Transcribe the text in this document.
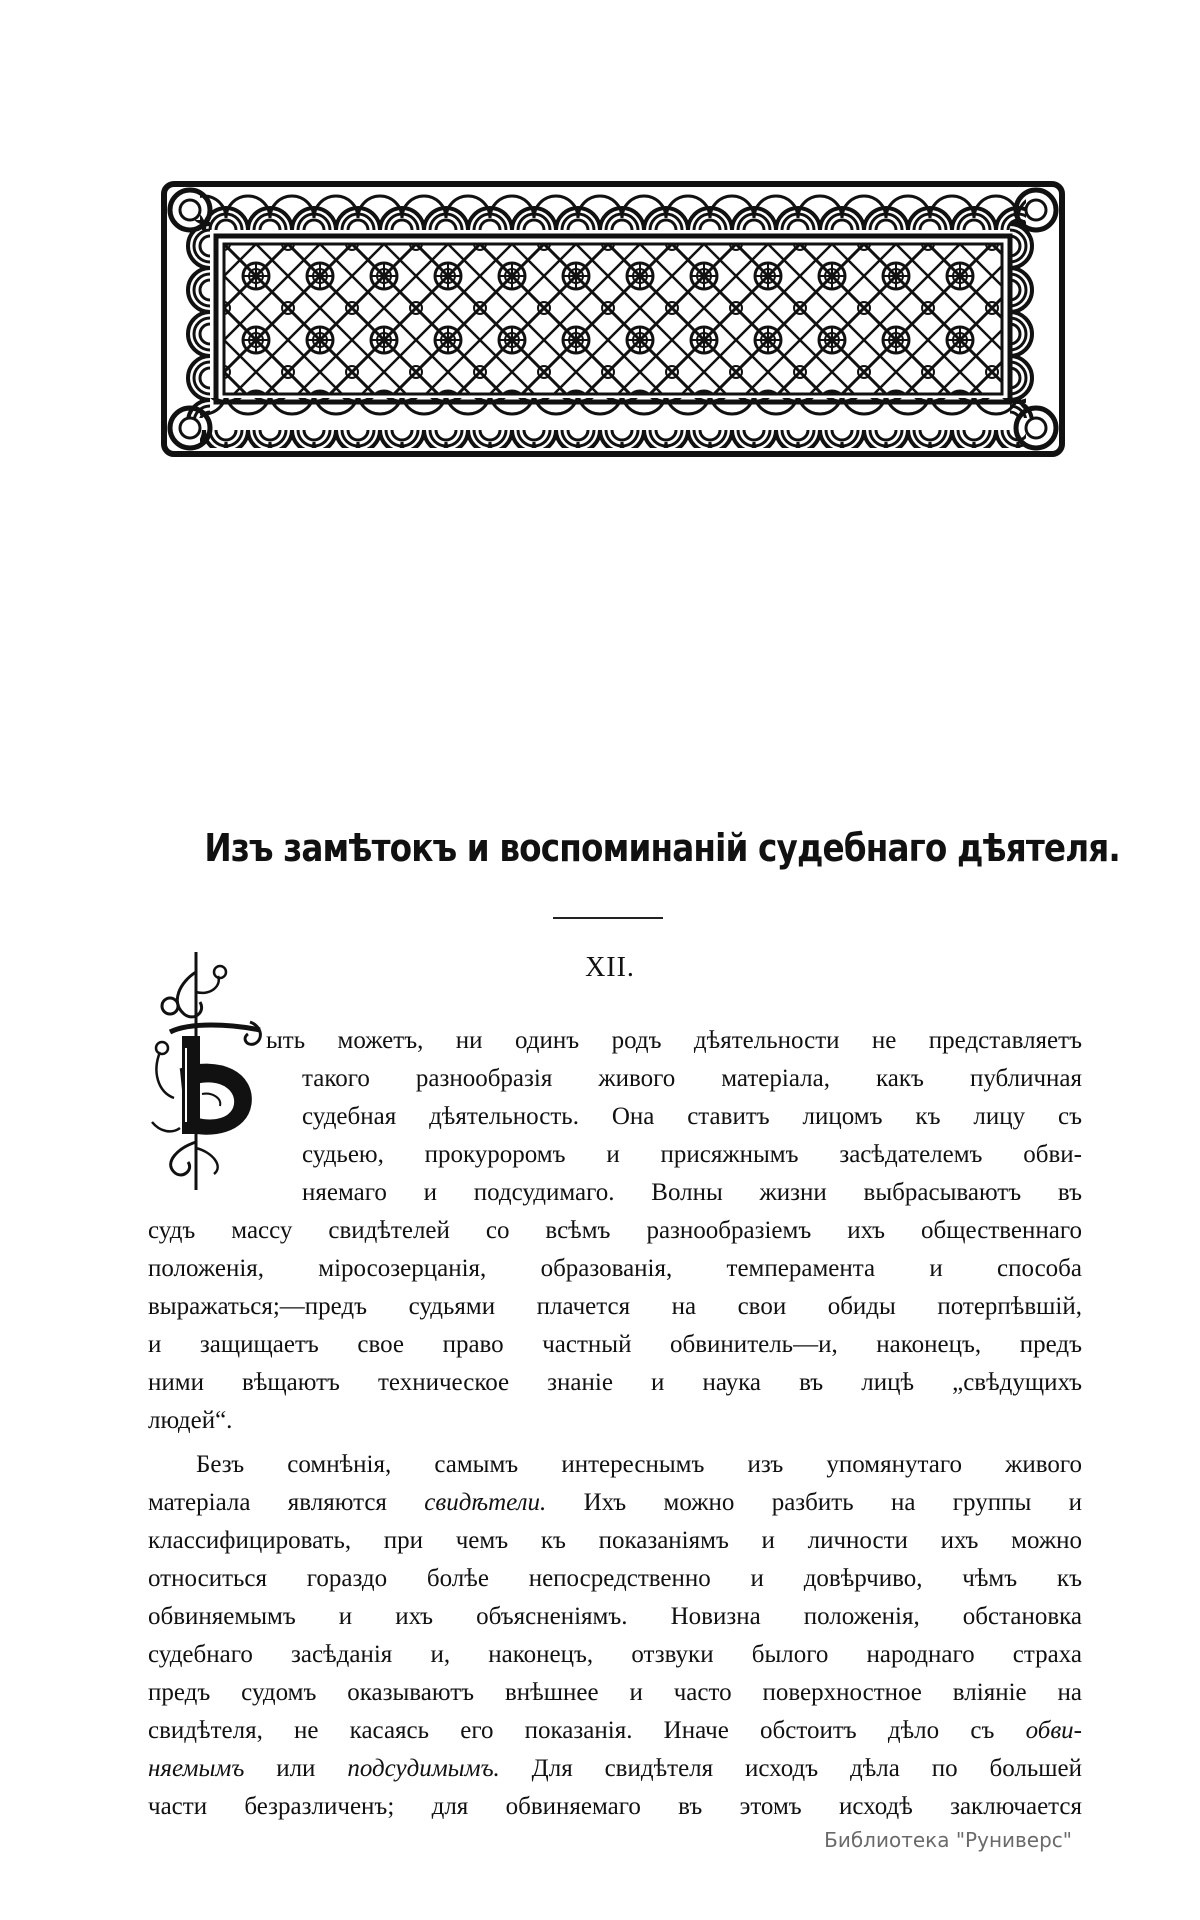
Изъ замѣтокъ и воспоминаній судебнаго дѣятеля.
XII.
ыть можетъ, ни одинъ родъ дѣятельности не представляетъ
такого разнообразія живого матеріала, какъ публичная
судебная дѣятельность. Она ставитъ лицомъ къ лицу съ
судьею, прокуроромъ и присяжнымъ засѣдателемъ обви-
няемаго и подсудимаго. Волны жизни выбрасываютъ въ
судъ массу свидѣтелей со всѣмъ разнообразіемъ ихъ общественнаго
положенія, міросозерцанія, образованія, темперамента и способа
выражаться;—предъ судьями плачется на свои обиды потерпѣвшій,
и защищаетъ свое право частный обвинитель—и, наконецъ, предъ
ними вѣщаютъ техническое знаніе и наука въ лицѣ „свѣдущихъ
людей“.
Безъ сомнѣнія, самымъ интереснымъ изъ упомянутаго живого
матеріала являются свидѣтели. Ихъ можно разбить на группы и
классифицировать, при чемъ къ показаніямъ и личности ихъ можно
относиться гораздо болѣе непосредственно и довѣрчиво, чѣмъ къ
обвиняемымъ и ихъ объясненіямъ. Новизна положенія, обстановка
судебнаго засѣданія и, наконецъ, отзвуки былого народнаго страха
предъ судомъ оказываютъ внѣшнее и часто поверхностное вліяніе на
свидѣтеля, не касаясь его показанія. Иначе обстоитъ дѣло съ обви-
няемымъ или подсудимымъ. Для свидѣтеля исходъ дѣла по большей
части безразличенъ; для обвиняемаго въ этомъ исходѣ заключается
Библиотека "Руниверс"
